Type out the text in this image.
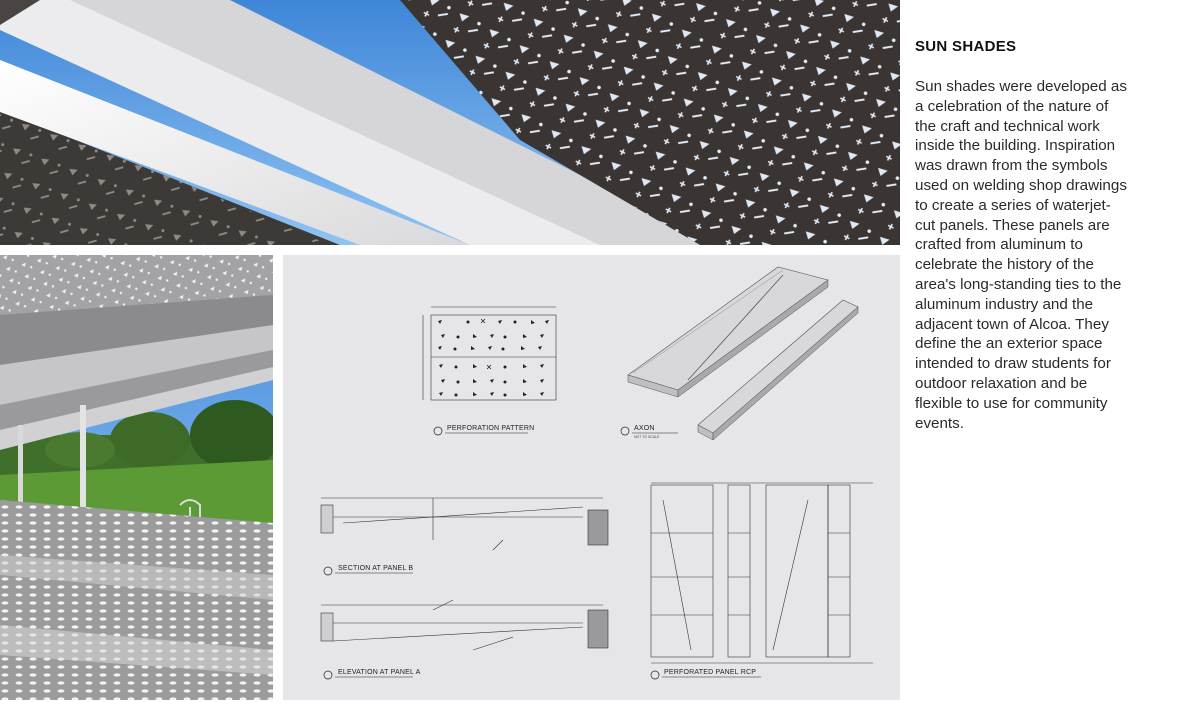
PERFORATION PATTERN	AXON
NOT TO SCALE
SECTION AT PANEL B
ELEVATION AT PANEL A	PERFORATED PANEL RCP
SUN SHADES

Sun shades were developed as a celebration of the nature of the craft and technical work inside the building. Inspiration was drawn from the symbols used on welding shop drawings to create a series of waterjet-cut panels. These panels are crafted from aluminum to celebrate the history of the area's long-standing ties to the aluminum industry and the adjacent town of Alcoa. They define the an exterior space intended to draw students for outdoor relaxation and be flexible to use for community events.
